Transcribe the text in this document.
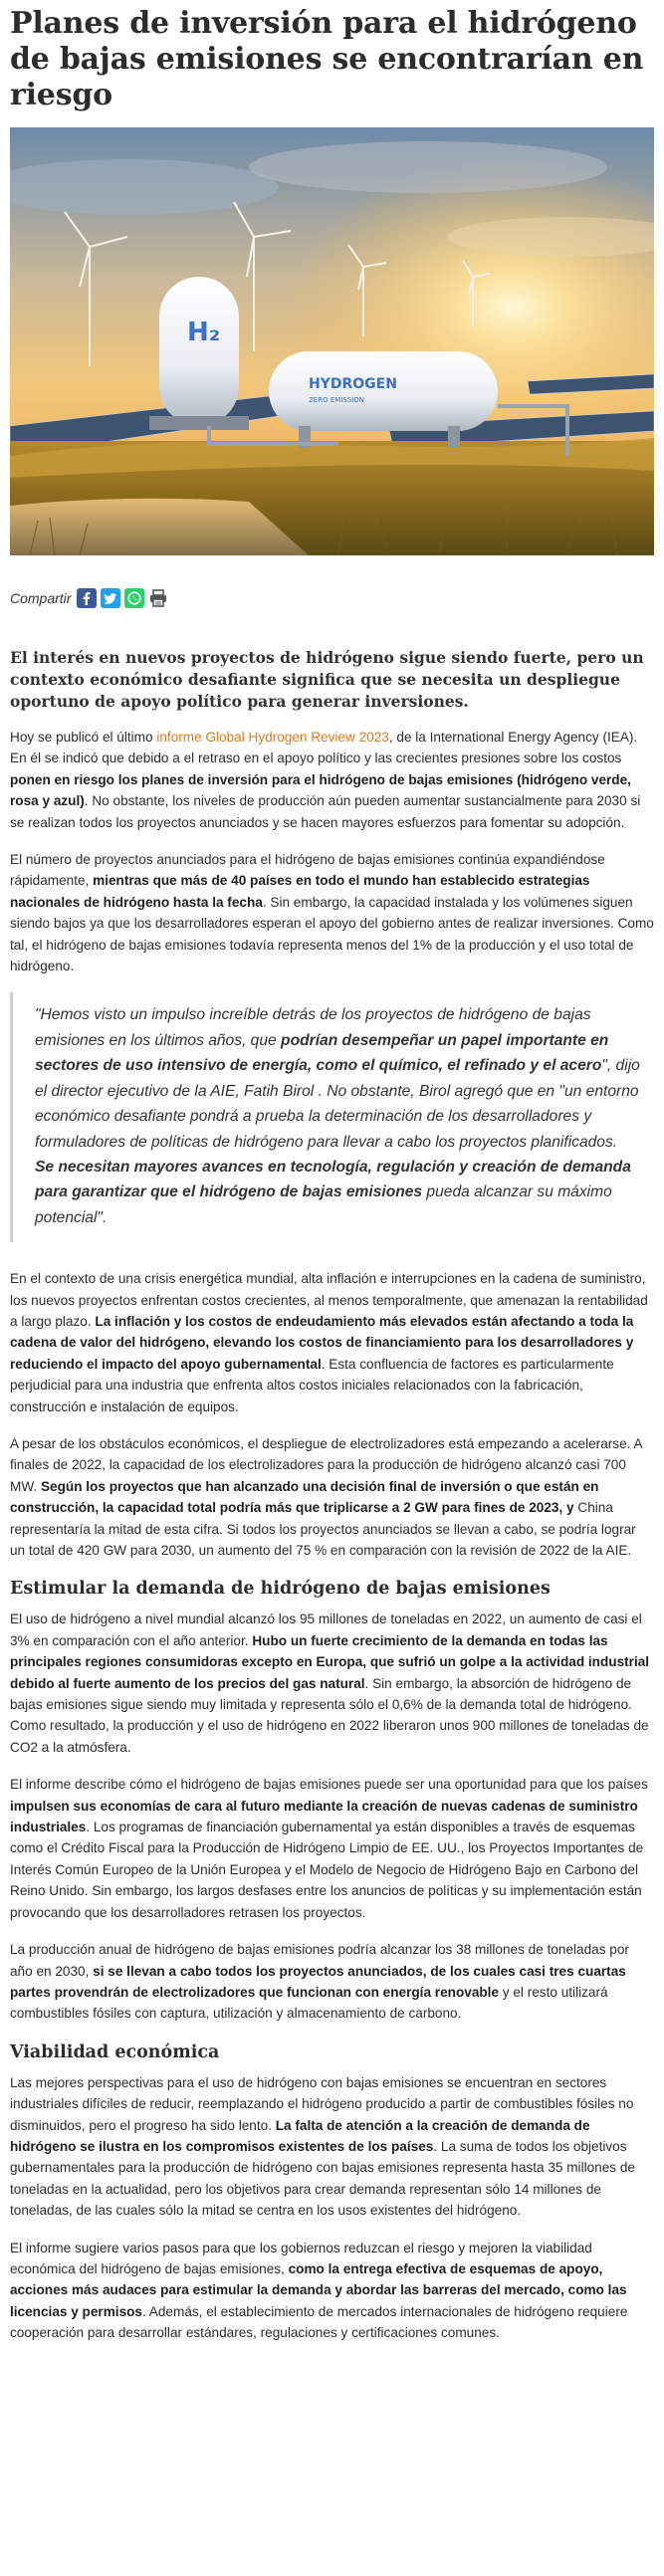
Planes de inversión para el hidrógeno de bajas emisiones se encontrarían en riesgo
H₂
HYDROGEN
ZERO EMISSION
Compartir
El interés en nuevos proyectos de hidrógeno sigue siendo fuerte, pero un contexto económico desafiante significa que se necesita un despliegue oportuno de apoyo político para generar inversiones.

Hoy se publicó el último informe Global Hydrogen Review 2023, de la International Energy Agency (IEA). En él se indicó que debido a el retraso en el apoyo político y las crecientes presiones sobre los costos ponen en riesgo los planes de inversión para el hidrógeno de bajas emisiones (hidrógeno verde, rosa y azul). No obstante, los niveles de producción aún pueden aumentar sustancialmente para 2030 si se realizan todos los proyectos anunciados y se hacen mayores esfuerzos para fomentar su adopción.

El número de proyectos anunciados para el hidrógeno de bajas emisiones continúa expandiéndose rápidamente, mientras que más de 40 países en todo el mundo han establecido estrategias nacionales de hidrógeno hasta la fecha. Sin embargo, la capacidad instalada y los volúmenes siguen siendo bajos ya que los desarrolladores esperan el apoyo del gobierno antes de realizar inversiones. Como tal, el hidrógeno de bajas emisiones todavía representa menos del 1% de la producción y el uso total de hidrógeno.

"Hemos visto un impulso increíble detrás de los proyectos de hidrógeno de bajas emisiones en los últimos años, que podrían desempeñar un papel importante en sectores de uso intensivo de energía, como el químico, el refinado y el acero", dijo el director ejecutivo de la AIE, Fatih Birol . No obstante, Birol agregó que en "un entorno económico desafiante pondrá a prueba la determinación de los desarrolladores y formuladores de políticas de hidrógeno para llevar a cabo los proyectos planificados. Se necesitan mayores avances en tecnología, regulación y creación de demanda para garantizar que el hidrógeno de bajas emisiones pueda alcanzar su máximo potencial".

En el contexto de una crisis energética mundial, alta inflación e interrupciones en la cadena de suministro, los nuevos proyectos enfrentan costos crecientes, al menos temporalmente, que amenazan la rentabilidad a largo plazo. La inflación y los costos de endeudamiento más elevados están afectando a toda la cadena de valor del hidrógeno, elevando los costos de financiamiento para los desarrolladores y reduciendo el impacto del apoyo gubernamental. Esta confluencia de factores es particularmente perjudicial para una industria que enfrenta altos costos iniciales relacionados con la fabricación, construcción e instalación de equipos.

A pesar de los obstáculos económicos, el despliegue de electrolizadores está empezando a acelerarse. A finales de 2022, la capacidad de los electrolizadores para la producción de hidrógeno alcanzó casi 700 MW. Según los proyectos que han alcanzado una decisión final de inversión o que están en construcción, la capacidad total podría más que triplicarse a 2 GW para fines de 2023, y China representaría la mitad de esta cifra. Si todos los proyectos anunciados se llevan a cabo, se podría lograr un total de 420 GW para 2030, un aumento del 75 % en comparación con la revisión de 2022 de la AIE.

Estimular la demanda de hidrógeno de bajas emisiones

El uso de hidrógeno a nivel mundial alcanzó los 95 millones de toneladas en 2022, un aumento de casi el 3% en comparación con el año anterior. Hubo un fuerte crecimiento de la demanda en todas las principales regiones consumidoras excepto en Europa, que sufrió un golpe a la actividad industrial debido al fuerte aumento de los precios del gas natural. Sin embargo, la absorción de hidrógeno de bajas emisiones sigue siendo muy limitada y representa sólo el 0,6% de la demanda total de hidrógeno. Como resultado, la producción y el uso de hidrógeno en 2022 liberaron unos 900 millones de toneladas de CO2 a la atmósfera.

El informe describe cómo el hidrógeno de bajas emisiones puede ser una oportunidad para que los países impulsen sus economías de cara al futuro mediante la creación de nuevas cadenas de suministro industriales. Los programas de financiación gubernamental ya están disponibles a través de esquemas como el Crédito Fiscal para la Producción de Hidrógeno Limpio de EE. UU., los Proyectos Importantes de Interés Común Europeo de la Unión Europea y el Modelo de Negocio de Hidrógeno Bajo en Carbono del Reino Unido. Sin embargo, los largos desfases entre los anuncios de políticas y su implementación están provocando que los desarrolladores retrasen los proyectos.

La producción anual de hidrógeno de bajas emisiones podría alcanzar los 38 millones de toneladas por año en 2030, si se llevan a cabo todos los proyectos anunciados, de los cuales casi tres cuartas partes provendrán de electrolizadores que funcionan con energía renovable y el resto utilizará combustibles fósiles con captura, utilización y almacenamiento de carbono.

Viabilidad económica

Las mejores perspectivas para el uso de hidrógeno con bajas emisiones se encuentran en sectores industriales difíciles de reducir, reemplazando el hidrógeno producido a partir de combustibles fósiles no disminuidos, pero el progreso ha sido lento. La falta de atención a la creación de demanda de hidrógeno se ilustra en los compromisos existentes de los países. La suma de todos los objetivos gubernamentales para la producción de hidrógeno con bajas emisiones representa hasta 35 millones de toneladas en la actualidad, pero los objetivos para crear demanda representan sólo 14 millones de toneladas, de las cuales sólo la mitad se centra en los usos existentes del hidrógeno.

El informe sugiere varios pasos para que los gobiernos reduzcan el riesgo y mejoren la viabilidad económica del hidrógeno de bajas emisiones, como la entrega efectiva de esquemas de apoyo, acciones más audaces para estimular la demanda y abordar las barreras del mercado, como las licencias y permisos. Además, el establecimiento de mercados internacionales de hidrógeno requiere cooperación para desarrollar estándares, regulaciones y certificaciones comunes.
